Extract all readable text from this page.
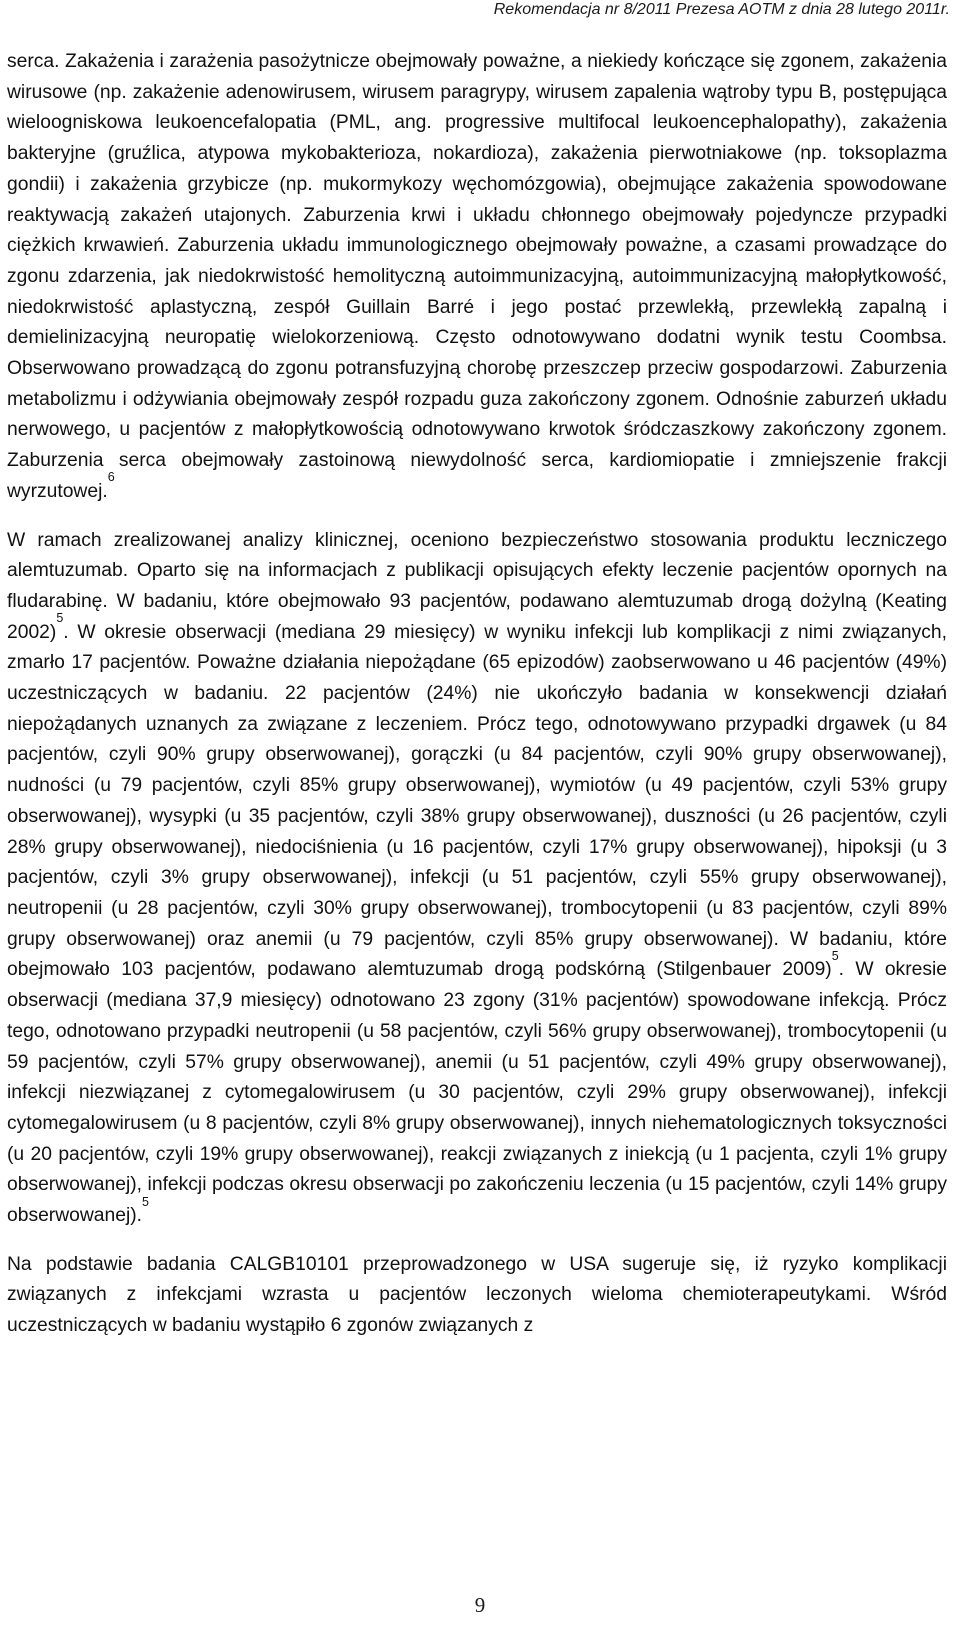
Rekomendacja nr 8/2011 Prezesa AOTM z dnia 28 lutego 2011r.

serca. Zakażenia i zarażenia pasożytnicze obejmowały poważne, a niekiedy kończące się zgonem, zakażenia wirusowe (np. zakażenie adenowirusem, wirusem paragrypy, wirusem zapalenia wątroby typu B, postępująca wieloogniskowa leukoencefalopatia (PML, ang. progressive multifocal leukoencephalopathy), zakażenia bakteryjne (gruźlica, atypowa mykobakterioza, nokardioza), zakażenia pierwotniakowe (np. toksoplazma gondii) i zakażenia grzybicze (np. mukormykozy węchomózgowia), obejmujące zakażenia spowodowane reaktywacją zakażeń utajonych. Zaburzenia krwi i układu chłonnego obejmowały pojedyncze przypadki ciężkich krwawień. Zaburzenia układu immunologicznego obejmowały poważne, a czasami prowadzące do zgonu zdarzenia, jak niedokrwistość hemolityczną autoimmunizacyjną, autoimmunizacyjną małopłytkowość, niedokrwistość aplastyczną, zespół Guillain Barré i jego postać przewlekłą, przewlekłą zapalną i demielinizacyjną neuropatię wielokorzeniową. Często odnotowywano dodatni wynik testu Coombsa. Obserwowano prowadzącą do zgonu potransfuzyjną chorobę przeszczep przeciw gospodarzowi. Zaburzenia metabolizmu i odżywiania obejmowały zespół rozpadu guza zakończony zgonem. Odnośnie zaburzeń układu nerwowego, u pacjentów z małopłytkowością odnotowywano krwotok śródczaszkowy zakończony zgonem. Zaburzenia serca obejmowały zastoinową niewydolność serca, kardiomiopatie i zmniejszenie frakcji wyrzutowej.$^6$

W ramach zrealizowanej analizy klinicznej, oceniono bezpieczeństwo stosowania produktu leczniczego alemtuzumab. Oparto się na informacjach z publikacji opisujących efekty leczenie pacjentów opornych na fludarabinę. W badaniu, które obejmowało 93 pacjentów, podawano alemtuzumab drogą dożylną (Keating 2002)$^5$. W okresie obserwacji (mediana 29 miesięcy) w wyniku infekcji lub komplikacji z nimi związanych, zmarło 17 pacjentów. Poważne działania niepożądane (65 epizodów) zaobserwowano u 46 pacjentów (49%) uczestniczących w badaniu. 22 pacjentów (24%) nie ukończyło badania w konsekwencji działań niepożądanych uznanych za związane z leczeniem. Prócz tego, odnotowywano przypadki drgawek (u 84 pacjentów, czyli 90% grupy obserwowanej), gorączki (u 84 pacjentów, czyli 90% grupy obserwowanej), nudności (u 79 pacjentów, czyli 85% grupy obserwowanej), wymiotów (u 49 pacjentów, czyli 53% grupy obserwowanej), wysypki (u 35 pacjentów, czyli 38% grupy obserwowanej), duszności (u 26 pacjentów, czyli 28% grupy obserwowanej), niedociśnienia (u 16 pacjentów, czyli 17% grupy obserwowanej), hipoksji (u 3 pacjentów, czyli 3% grupy obserwowanej), infekcji (u 51 pacjentów, czyli 55% grupy obserwowanej), neutropenii (u 28 pacjentów, czyli 30% grupy obserwowanej), trombocytopenii (u 83 pacjentów, czyli 89% grupy obserwowanej) oraz anemii (u 79 pacjentów, czyli 85% grupy obserwowanej). W badaniu, które obejmowało 103 pacjentów, podawano alemtuzumab drogą podskórną (Stilgenbauer 2009)$^5$. W okresie obserwacji (mediana 37,9 miesięcy) odnotowano 23 zgony (31% pacjentów) spowodowane infekcją. Prócz tego, odnotowano przypadki neutropenii (u 58 pacjentów, czyli 56% grupy obserwowanej), trombocytopenii (u 59 pacjentów, czyli 57% grupy obserwowanej), anemii (u 51 pacjentów, czyli 49% grupy obserwowanej), infekcji niezwiązanej z cytomegalowirusem (u 30 pacjentów, czyli 29% grupy obserwowanej), infekcji cytomegalowirusem (u 8 pacjentów, czyli 8% grupy obserwowanej), innych niehematologicznych toksyczności (u 20 pacjentów, czyli 19% grupy obserwowanej), reakcji związanych z iniekcją (u 1 pacjenta, czyli 1% grupy obserwowanej), infekcji podczas okresu obserwacji po zakończeniu leczenia (u 15 pacjentów, czyli 14% grupy obserwowanej).$^5$

Na podstawie badania CALGB10101 przeprowadzonego w USA sugeruje się, iż ryzyko komplikacji związanych z infekcjami wzrasta u pacjentów leczonych wieloma chemioterapeutykami. Wśród uczestniczących w badaniu wystąpiło 6 zgonów związanych z

9
